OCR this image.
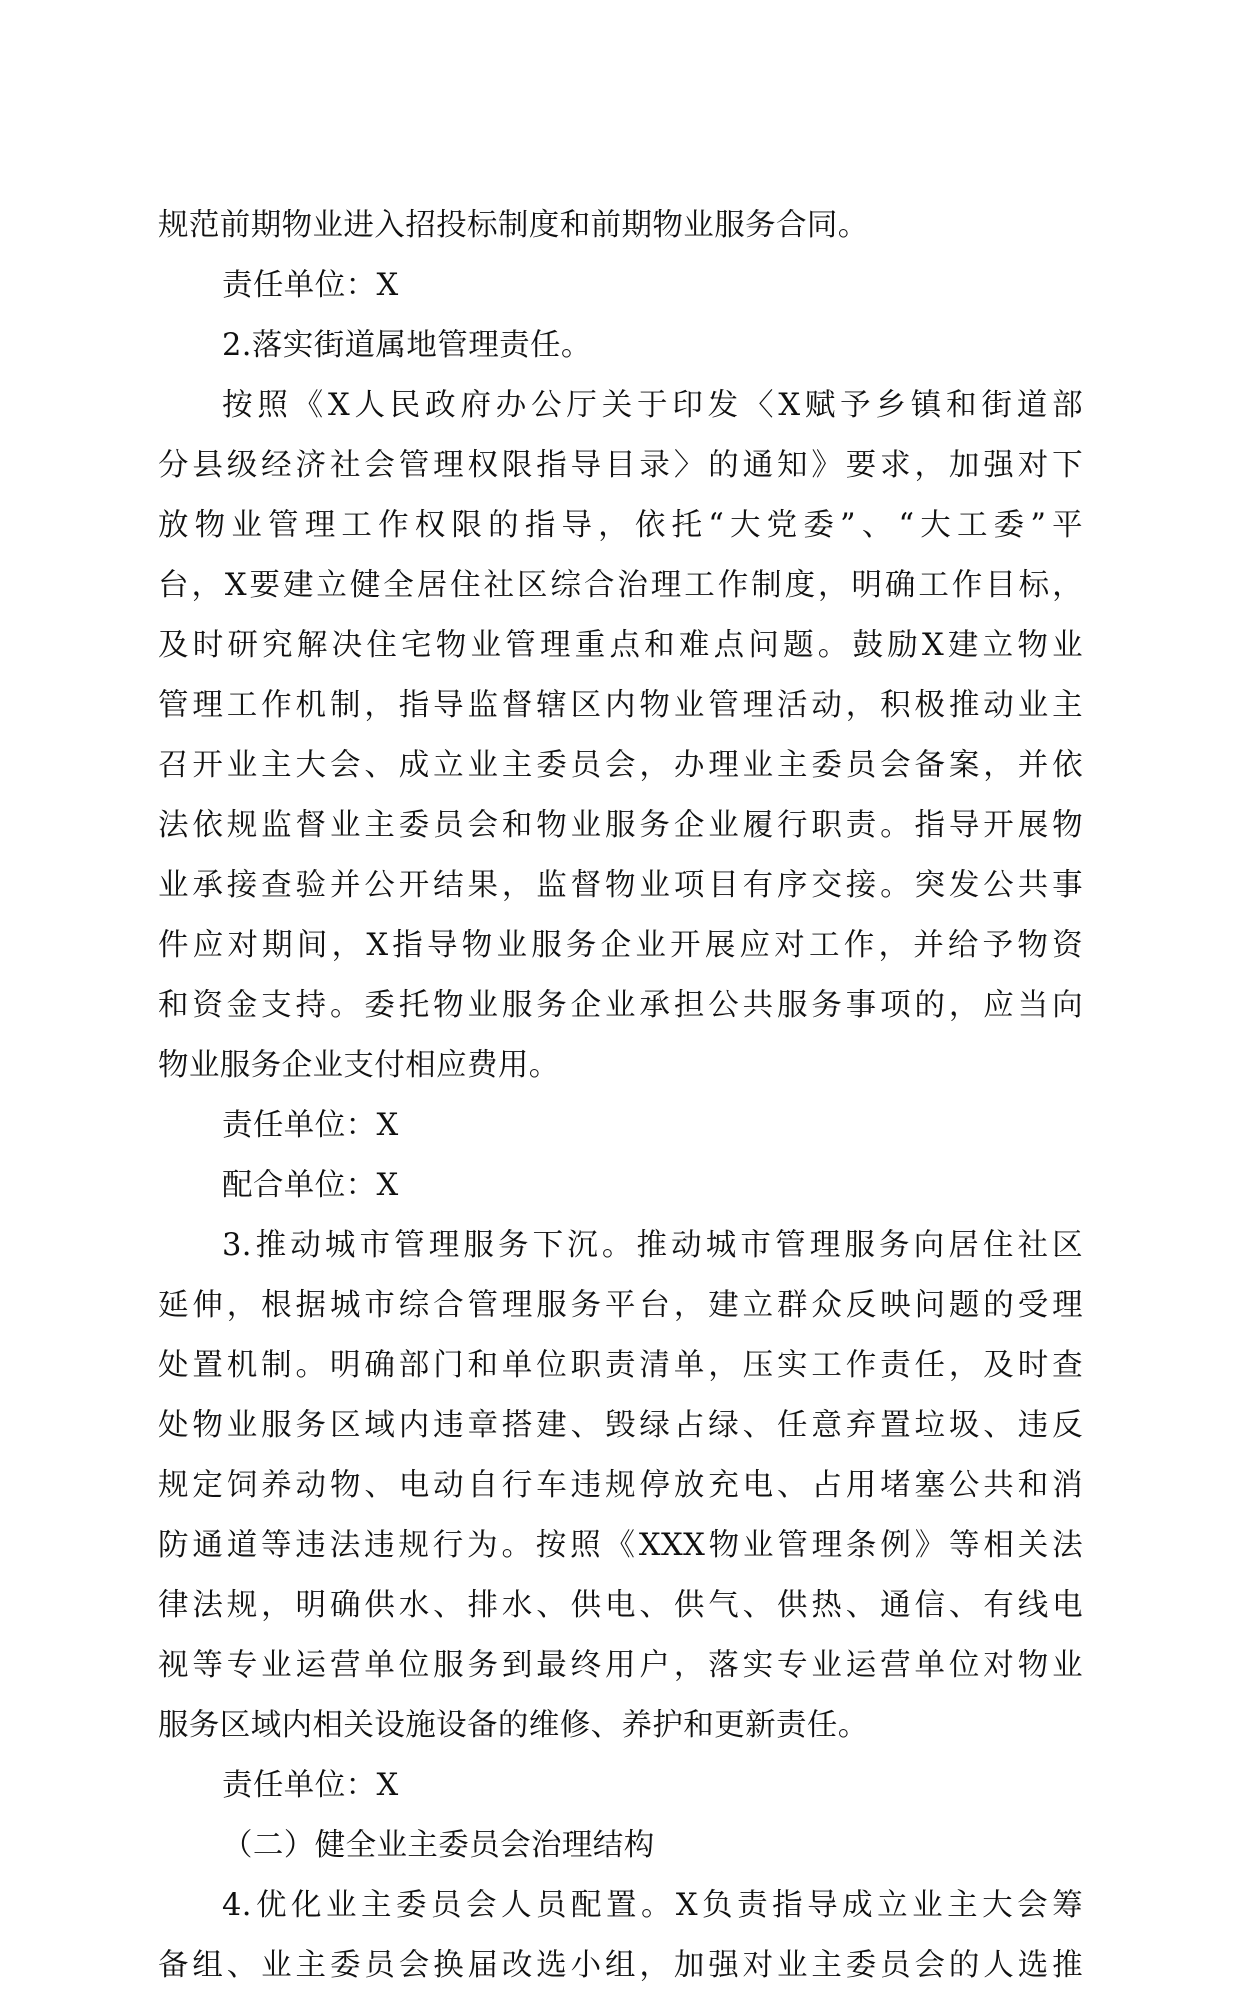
规范前期物业进入招投标制度和前期物业服务合同。
责任单位：X
2.落实街道属地管理责任。
按照《X人民政府办公厅关于印发〈X赋予乡镇和街道部
分县级经济社会管理权限指导目录〉的通知》要求，加强对下
放物业管理工作权限的指导，依托“大党委”、“大工委”平
台，X要建立健全居住社区综合治理工作制度，明确工作目标，
及时研究解决住宅物业管理重点和难点问题。鼓励X建立物业
管理工作机制，指导监督辖区内物业管理活动，积极推动业主
召开业主大会、成立业主委员会，办理业主委员会备案，并依
法依规监督业主委员会和物业服务企业履行职责。指导开展物
业承接查验并公开结果，监督物业项目有序交接。突发公共事
件应对期间，X指导物业服务企业开展应对工作，并给予物资
和资金支持。委托物业服务企业承担公共服务事项的，应当向
物业服务企业支付相应费用。
责任单位：X
配合单位：X
3.推动城市管理服务下沉。推动城市管理服务向居住社区
延伸，根据城市综合管理服务平台，建立群众反映问题的受理
处置机制。明确部门和单位职责清单，压实工作责任，及时查
处物业服务区域内违章搭建、毁绿占绿、任意弃置垃圾、违反
规定饲养动物、电动自行车违规停放充电、占用堵塞公共和消
防通道等违法违规行为。按照《XXX物业管理条例》等相关法
律法规，明确供水、排水、供电、供气、供热、通信、有线电
视等专业运营单位服务到最终用户，落实专业运营单位对物业
服务区域内相关设施设备的维修、养护和更新责任。
责任单位：X
（二）健全业主委员会治理结构
4.优化业主委员会人员配置。X负责指导成立业主大会筹
备组、业主委员会换届改选小组，加强对业主委员会的人选推
